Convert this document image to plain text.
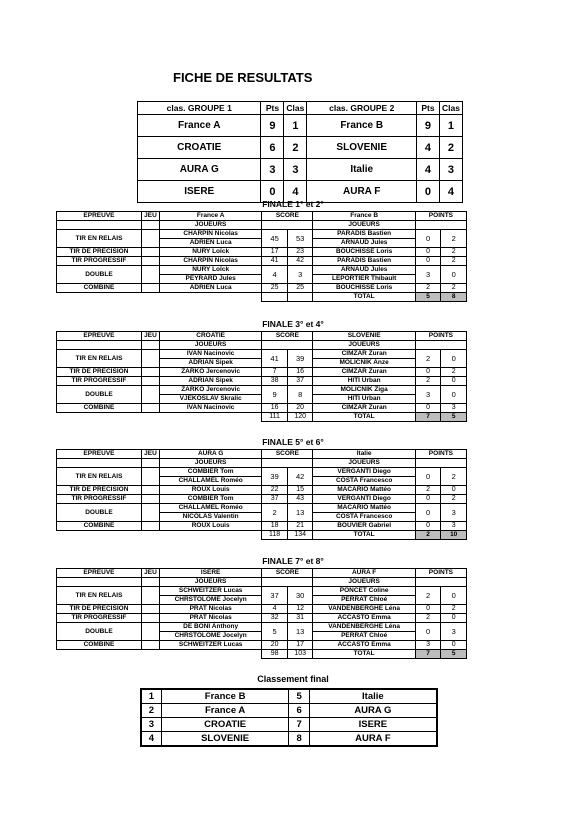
FICHE DE RESULTATS
clas. GROUPE 1	Pts	Clas	clas. GROUPE 2	Pts	Clas
France A	9	1	France B	9	1
CROATIE	6	2	SLOVENIE	4	2
AURA G	3	3	Italie	4	3
ISERE	0	4	AURA F	0	4
FINALE 1° et 2°
EPREUVE	JEU	France A	SCORE		France B	POINTS	
		JOUEURS			JOUEURS		
TIR EN RELAIS		CHARPIN Nicolas	45	53	PARADIS Bastien	0	2
		ADRIEN Luca			ARNAUD Jules		
TIR DE PRECISION		NURY Loïck	17	23	BOUCHISSE Loris	0	2
TIR PROGRESSIF		CHARPIN Nicolas	41	42	PARADIS Bastien	0	2
DOUBLE		NURY Loïck	4	3	ARNAUD Jules	3	0
		PEYRARD Jules			LEPORTIER Thibault		
COMBINE		ADRIEN Luca	25	25	BOUCHISSE Loris	2	2
					TOTAL	5	8
FINALE 3° et 4°
EPREUVE	JEU	CROATIE	SCORE		SLOVENIE	POINTS	
		JOUEURS			JOUEURS		
TIR EN RELAIS		IVAN Nacinovic	41	39	CIMZAR Zuran	2	0
		ADRIAN Sipek			MOLICNIK Anze		
TIR DE PRECISION		ZARKO Jercenovic	7	16	CIMZAR Zuran	0	2
TIR PROGRESSIF		ADRIAN Sipek	38	37	HITI Urban	2	0
DOUBLE		ZARKO Jercenovic	9	8	MOLICNIK Ziga	3	0
		VJEKOSLAV Skralic			HITI Urban		
COMBINE		IVAN Nacinovic	16	20	CIMZAR Zuran	0	3
			111	120	TOTAL	7	5
FINALE 5° et 6°
EPREUVE	JEU	AURA G	SCORE		Italie	POINTS	
		JOUEURS			JOUEURS		
TIR EN RELAIS		COMBIER Tom	39	42	VERGANTI Diego	0	2
		CHALLAMEL Roméo			COSTA Francesco		
TIR DE PRECISION		ROUX Louis	22	15	MACARIO Mattéo	2	0
TIR PROGRESSIF		COMBIER Tom	37	43	VERGANTI Diego	0	2
DOUBLE		CHALLAMEL Roméo	2	13	MACARIO Mattéo	0	3
		NICOLAS Valentin			COSTA Francesco		
COMBINE		ROUX Louis	18	21	BOUVIER Gabriel	0	3
			118	134	TOTAL	2	10
FINALE 7° et 8°
EPREUVE	JEU	ISERE	SCORE		AURA F	POINTS	
		JOUEURS			JOUEURS		
TIR EN RELAIS		SCHWEITZER Lucas	37	30	PONCET Coline	2	0
		CHRSTOLOME Jocelyn			PERRAT Chloé		
TIR DE PRECISION		PRAT Nicolas	4	12	VANDENBERGHE Léna	0	2
TIR PROGRESSIF		PRAT Nicolas	32	31	ACCASTO Emma	2	0
DOUBLE		DE BONI Anthony	5	13	VANDENBERGHE Léna	0	3
		CHRSTOLOME Jocelyn			PERRAT Chloé		
COMBINE		SCHWEITZER Lucas	20	17	ACCASTO Emma	3	0
			98	103	TOTAL	7	5
Classement final
1	France B	5	Italie
2	France A	6	AURA G
3	CROATIE	7	ISERE
4	SLOVENIE	8	AURA F
